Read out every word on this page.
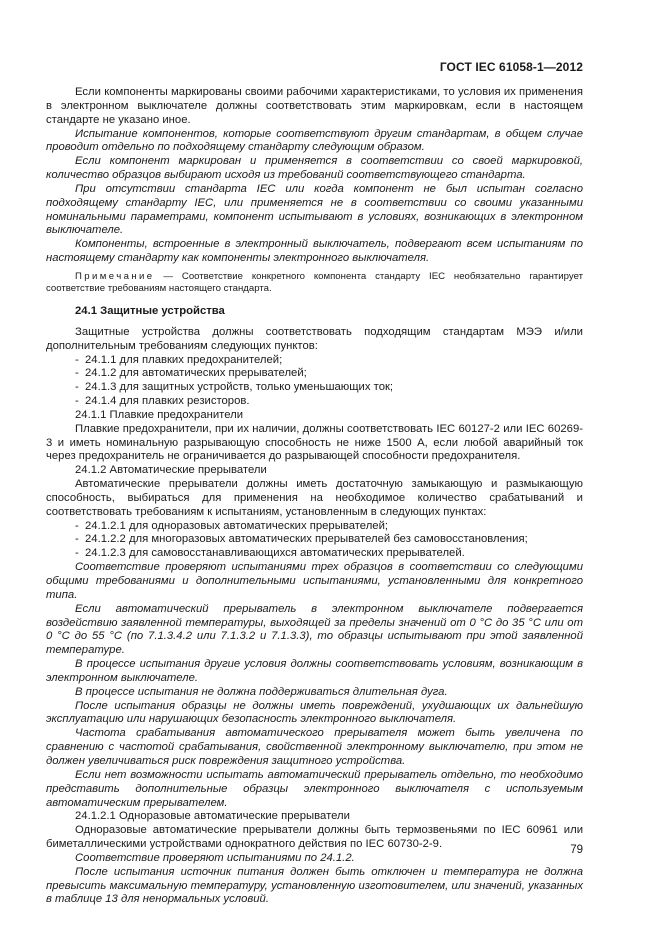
ГОСТ IEC 61058-1—2012

Если компоненты маркированы своими рабочими характеристиками, то условия их применения в электронном выключателе должны соответствовать этим маркировкам, если в настоящем стандарте не указано иное.

Испытание компонентов, которые соответствуют другим стандартам, в общем случае проводит отдельно по подходящему стандарту следующим образом.

Если компонент маркирован и применяется в соответствии со своей маркировкой, количество образцов выбирают исходя из требований соответствующего стандарта.

При отсутствии стандарта IEC или когда компонент не был испытан согласно подходящему стандарту IEC, или применяется не в соответствии со своими указанными номинальными параметрами, компонент испытывают в условиях, возникающих в электронном выключателе.

Компоненты, встроенные в электронный выключатель, подвергают всем испытаниям по настоящему стандарту как компоненты электронного выключателя.

Примечание — Соответствие конкретного компонента стандарту IEC необязательно гарантирует соответствие требованиям настоящего стандарта.

24.1 Защитные устройства

Защитные устройства должны соответствовать подходящим стандартам МЭЭ и/или дополнительным требованиям следующих пунктов:

- 24.1.1 для плавких предохранителей;

- 24.1.2 для автоматических прерывателей;

- 24.1.3 для защитных устройств, только уменьшающих ток;

- 24.1.4 для плавких резисторов.

24.1.1 Плавкие предохранители

Плавкие предохранители, при их наличии, должны соответствовать IEC 60127-2 или IEC 60269-3 и иметь номинальную разрывающую способность не ниже 1500 А, если любой аварийный ток через предохранитель не ограничивается до разрывающей способности предохранителя.

24.1.2 Автоматические прерыватели

Автоматические прерыватели должны иметь достаточную замыкающую и размыкающую способность, выбираться для применения на необходимое количество срабатываний и соответствовать требованиям к испытаниям, установленным в следующих пунктах:

- 24.1.2.1 для одноразовых автоматических прерывателей;

- 24.1.2.2 для многоразовых автоматических прерывателей без самовосстановления;

- 24.1.2.3 для самовосстанавливающихся автоматических прерывателей.

Соответствие проверяют испытаниями трех образцов в соответствии со следующими общими требованиями и дополнительными испытаниями, установленными для конкретного типа.

Если автоматический прерыватель в электронном выключателе подвергается воздействию заявленной температуры, выходящей за пределы значений от 0 °С до 35 °С или от 0 °С до 55 °С (по 7.1.3.4.2 или 7.1.3.2 и 7.1.3.3), то образцы испытывают при этой заявленной температуре.

В процессе испытания другие условия должны соответствовать условиям, возникающим в электронном выключателе.

В процессе испытания не должна поддерживаться длительная дуга.

После испытания образцы не должны иметь повреждений, ухудшающих их дальнейшую эксплуатацию или нарушающих безопасность электронного выключателя.

Частота срабатывания автоматического прерывателя может быть увеличена по сравнению с частотой срабатывания, свойственной электронному выключателю, при этом не должен увеличиваться риск повреждения защитного устройства.

Если нет возможности испытать автоматический прерыватель отдельно, то необходимо представить дополнительные образцы электронного выключателя с используемым автоматическим прерывателем.

24.1.2.1 Одноразовые автоматические прерыватели

Одноразовые автоматические прерыватели должны быть термозвеньями по IEC 60961 или биметаллическими устройствами однократного действия по IEC 60730-2-9.

Соответствие проверяют испытаниями по 24.1.2.

После испытания источник питания должен быть отключен и температура не должна превысить максимальную температуру, установленную изготовителем, или значений, указанных в таблице 13 для ненормальных условий.

79
